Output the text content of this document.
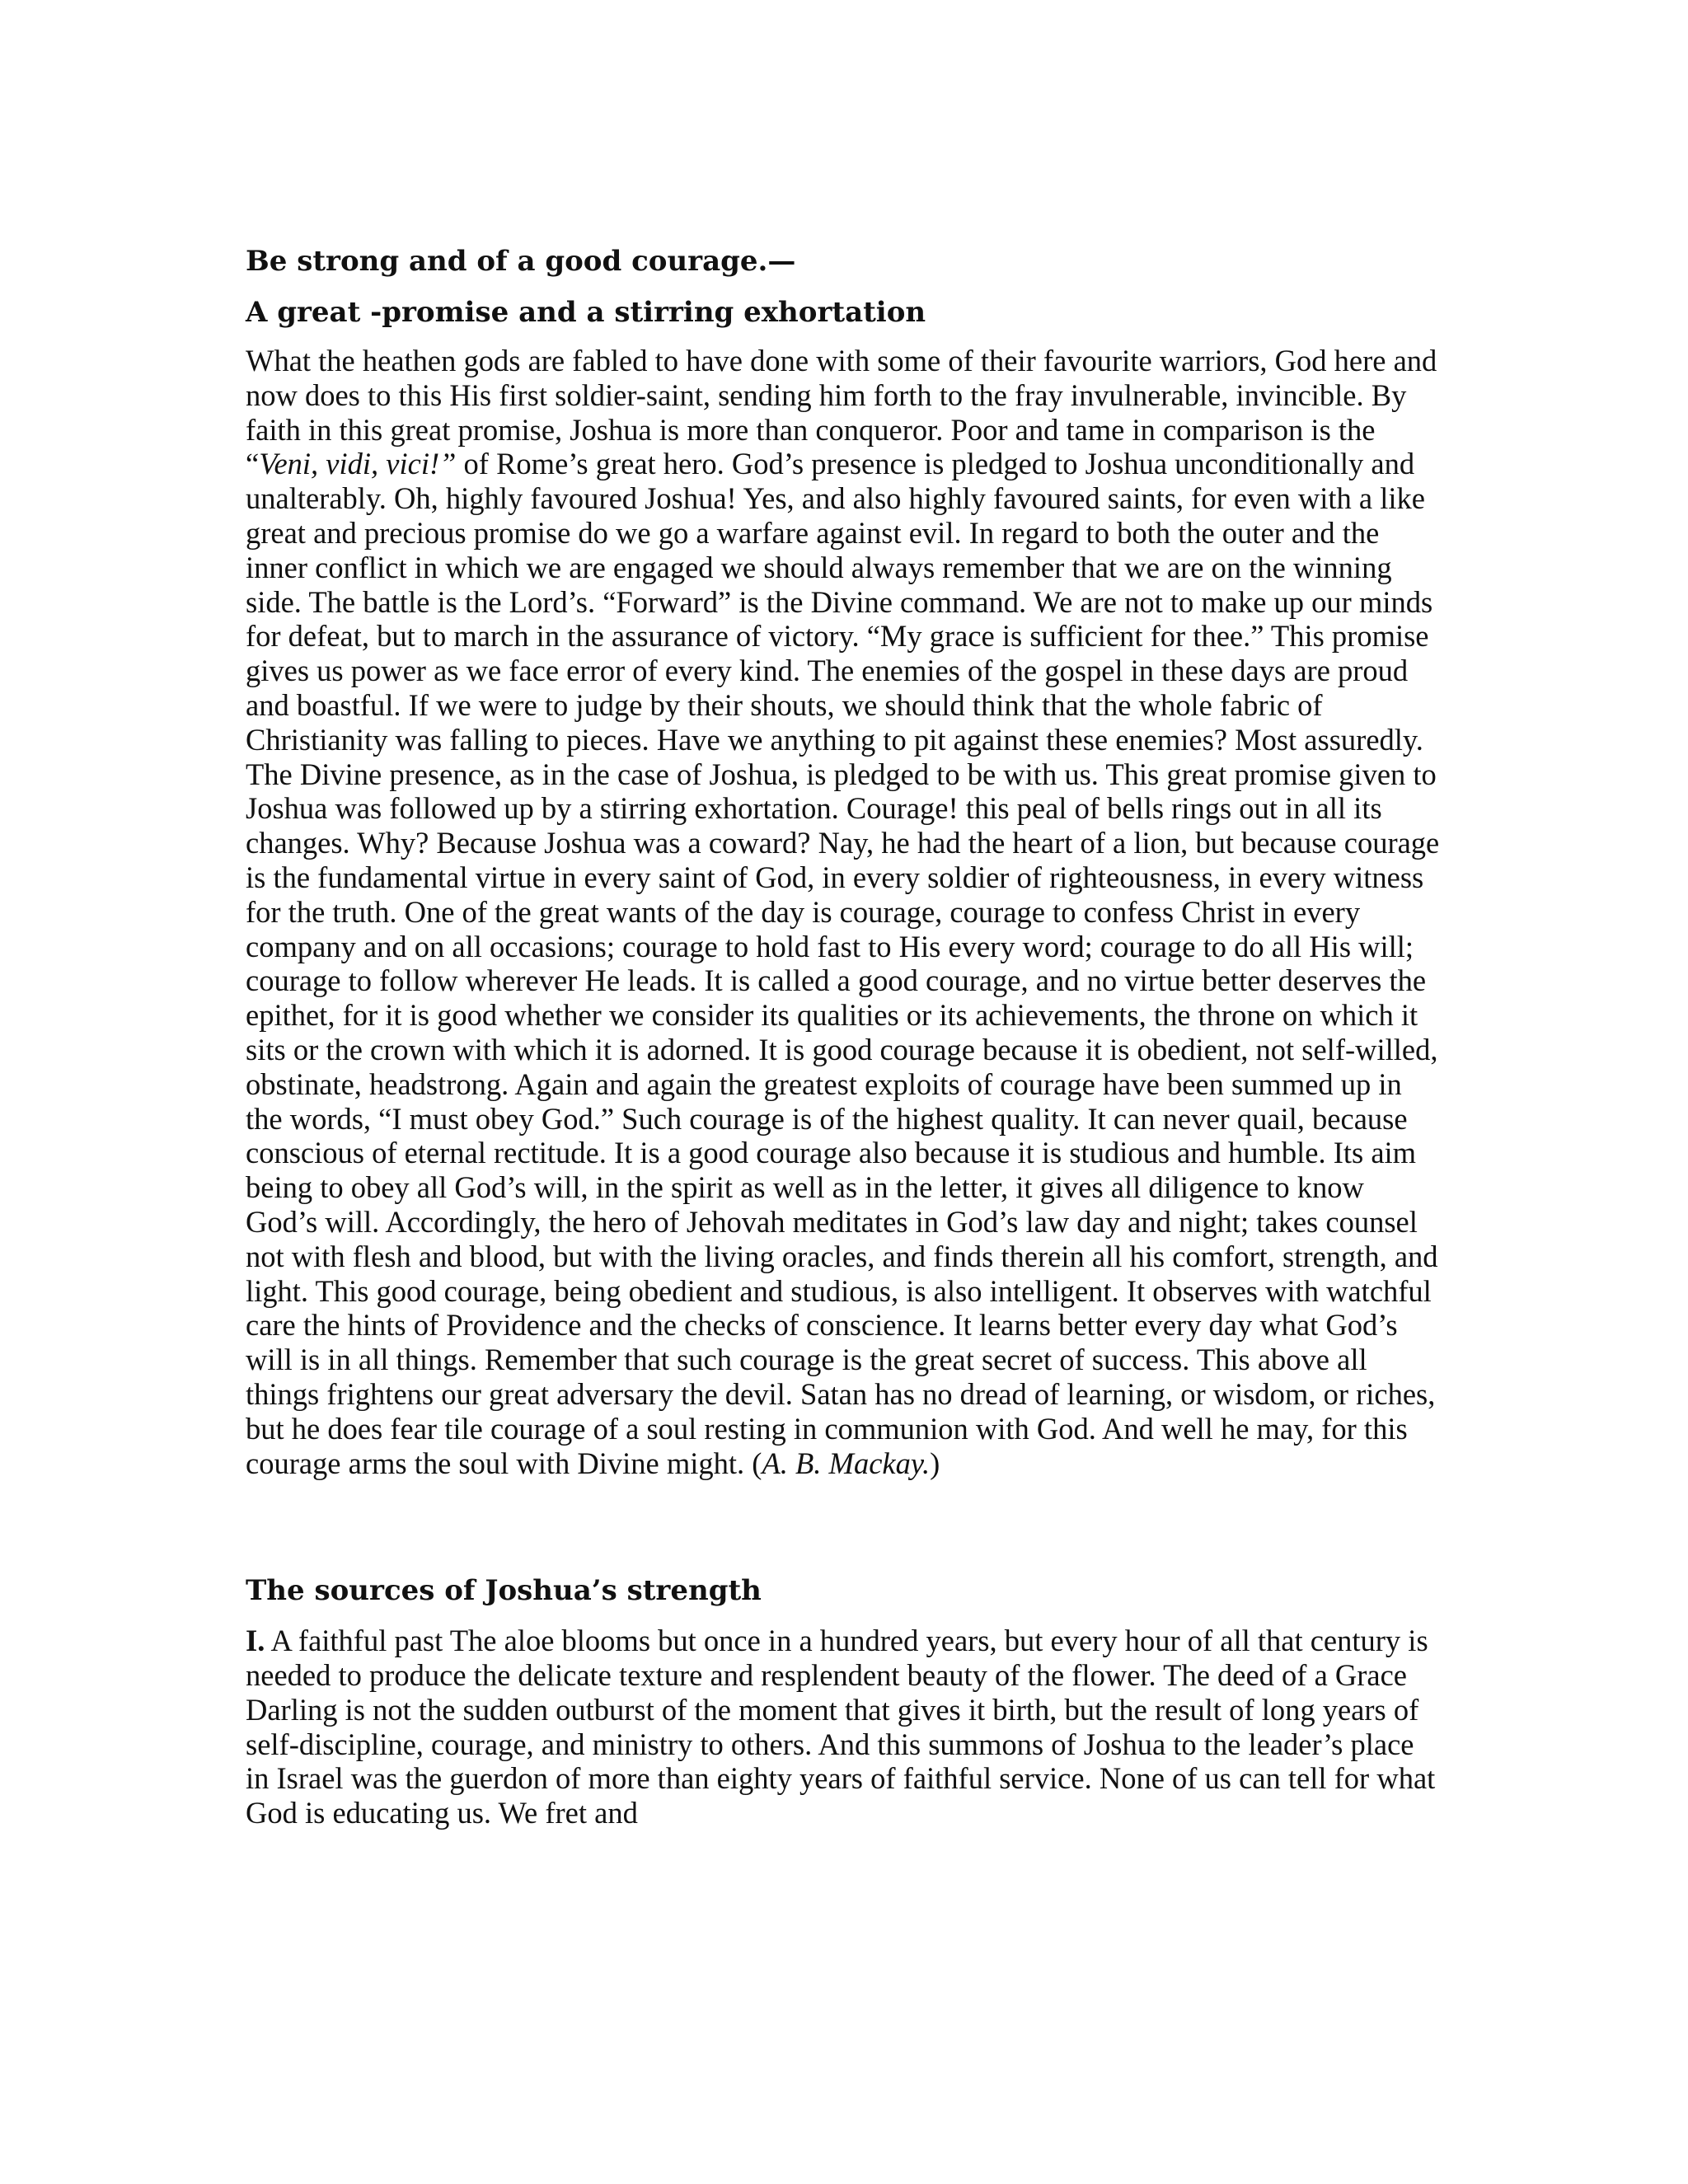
Be strong and of a good courage.—
A great -promise and a stirring exhortation

What the heathen gods are fabled to have done with some of their favourite warriors, God here and now does to this His first soldier-saint, sending him forth to the fray invulnerable, invincible. By faith in this great promise, Joshua is more than conqueror. Poor and tame in comparison is the “Veni, vidi, vici!” of Rome’s great hero. God’s presence is pledged to Joshua unconditionally and unalterably. Oh, highly favoured Joshua! Yes, and also highly favoured saints, for even with a like great and precious promise do we go a warfare against evil. In regard to both the outer and the inner conflict in which we are engaged we should always remember that we are on the winning side. The battle is the Lord’s. “Forward” is the Divine command. We are not to make up our minds for defeat, but to march in the assurance of victory. “My grace is sufficient for thee.” This promise gives us power as we face error of every kind. The enemies of the gospel in these days are proud and boastful. If we were to judge by their shouts, we should think that the whole fabric of Christianity was falling to pieces. Have we anything to pit against these enemies? Most assuredly. The Divine presence, as in the case of Joshua, is pledged to be with us. This great promise given to Joshua was followed up by a stirring exhortation. Courage! this peal of bells rings out in all its changes. Why? Because Joshua was a coward? Nay, he had the heart of a lion, but because courage is the fundamental virtue in every saint of God, in every soldier of righteousness, in every witness for the truth. One of the great wants of the day is courage, courage to confess Christ in every company and on all occasions; courage to hold fast to His every word; courage to do all His will; courage to follow wherever He leads. It is called a good courage, and no virtue better deserves the epithet, for it is good whether we consider its qualities or its achievements, the throne on which it sits or the crown with which it is adorned. It is good courage because it is obedient, not self-willed, obstinate, headstrong. Again and again the greatest exploits of courage have been summed up in the words, “I must obey God.” Such courage is of the highest quality. It can never quail, because conscious of eternal rectitude. It is a good courage also because it is studious and humble. Its aim being to obey all God’s will, in the spirit as well as in the letter, it gives all diligence to know God’s will. Accordingly, the hero of Jehovah meditates in God’s law day and night; takes counsel not with flesh and blood, but with the living oracles, and finds therein all his comfort, strength, and light. This good courage, being obedient and studious, is also intelligent. It observes with watchful care the hints of Providence and the checks of conscience. It learns better every day what God’s will is in all things. Remember that such courage is the great secret of success. This above all things frightens our great adversary the devil. Satan has no dread of learning, or wisdom, or riches, but he does fear tile courage of a soul resting in communion with God. And well he may, for this courage arms the soul with Divine might. (A. B. Mackay.)

The sources of Joshua’s strength

I. A faithful past The aloe blooms but once in a hundred years, but every hour of all that century is needed to produce the delicate texture and resplendent beauty of the flower. The deed of a Grace Darling is not the sudden outburst of the moment that gives it birth, but the result of long years of self-discipline, courage, and ministry to others. And this summons of Joshua to the leader’s place in Israel was the guerdon of more than eighty years of faithful service. None of us can tell for what God is educating us. We fret and
